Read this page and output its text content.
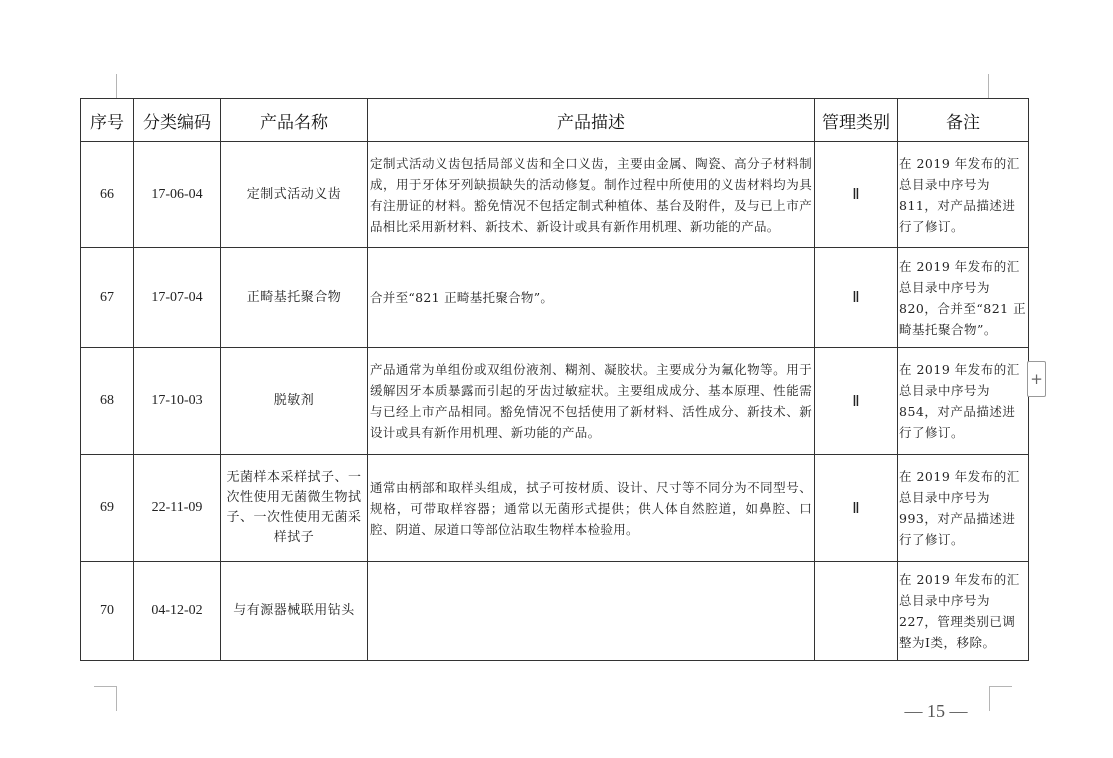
序号	分类编码	产品名称	产品描述	管理类别	备注
66	17-06-04	定制式活动义齿	定制式活动义齿包括局部义齿和全口义齿，主要由金属、陶瓷、高分子材料制成，用于牙体牙列缺损缺失的活动修复。制作过程中所使用的义齿材料均为具有注册证的材料。豁免情况不包括定制式种植体、基台及附件，及与已上市产品相比采用新材料、新技术、新设计或具有新作用机理、新功能的产品。	Ⅱ	在 2019 年发布的汇总目录中序号为 811，对产品描述进行了修订。
67	17-07-04	正畸基托聚合物	合并至“821 正畸基托聚合物”。	Ⅱ	在 2019 年发布的汇总目录中序号为 820，合并至“821 正畸基托聚合物”。
68	17-10-03	脱敏剂	产品通常为单组份或双组份液剂、糊剂、凝胶状。主要成分为氟化物等。用于缓解因牙本质暴露而引起的牙齿过敏症状。主要组成成分、基本原理、性能需与已经上市产品相同。豁免情况不包括使用了新材料、活性成分、新技术、新设计或具有新作用机理、新功能的产品。	Ⅱ	在 2019 年发布的汇总目录中序号为 854，对产品描述进行了修订。
69	22-11-09	无菌样本采样拭子、一次性使用无菌微生物拭子、一次性使用无菌采样拭子	通常由柄部和取样头组成，拭子可按材质、设计、尺寸等不同分为不同型号、规格，可带取样容器；通常以无菌形式提供；供人体自然腔道，如鼻腔、口腔、阴道、尿道口等部位沾取生物样本检验用。	Ⅱ	在 2019 年发布的汇总目录中序号为 993，对产品描述进行了修订。
70	04-12-02	与有源器械联用钻头			在 2019 年发布的汇总目录中序号为 227，管理类别已调整为Ⅰ类，移除。
+
— 15 —
